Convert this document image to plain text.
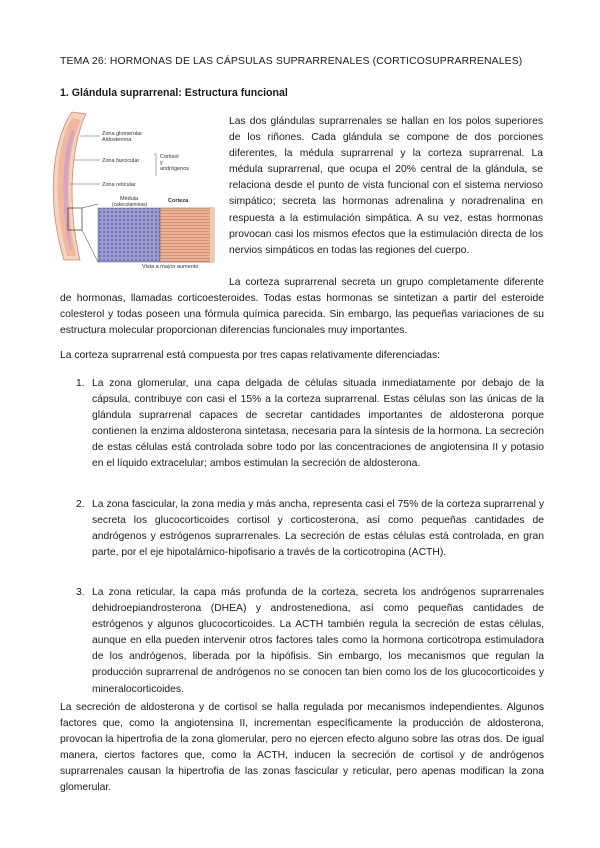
TEMA 26: HORMONAS DE LAS CÁPSULAS SUPRARRENALES (CORTICOSUPRARRENALES)
1. Glándula suprarrenal: Estructura funcional
Zona glomerular
Aldosterona
Zona fascicular
Cortisol
y
andrógenos
Zona reticular
Médula
(catecolaminas)
Corteza
Vista a mayor aumento

Las dos glándulas suprarrenales se hallan en los polos superiores de los riñones. Cada glándula se compone de dos porciones diferentes, la médula suprarrenal y la corteza suprarrenal. La médula suprarrenal, que ocupa el 20% central de la glándula, se relaciona desde el punto de vista funcional con el sistema nervioso simpático; secreta las hormonas adrenalina y noradrenalina en respuesta a la estimulación simpática. A su vez, estas hormonas provocan casi los mismos efectos que la estimulación directa de los nervios simpáticos en todas las regiones del cuerpo.

La corteza suprarrenal secreta un grupo completamente diferente de hormonas, llamadas corticoesteroides. Todas estas hormonas se sintetizan a partir del esteroide colesterol y todas poseen una fórmula química parecida. Sin embargo, las pequeñas variaciones de su estructura molecular proporcionan diferencias funcionales muy importantes.

La corteza suprarrenal está compuesta por tres capas relativamente diferenciadas:

1. La zona glomerular, una capa delgada de células situada inmediatamente por debajo de la cápsula, contribuye con casi el 15% a la corteza suprarrenal. Estas células son las únicas de la glándula suprarrenal capaces de secretar cantidades importantes de aldosterona porque contienen la enzima aldosterona sintetasa, necesaria para la síntesis de la hormona. La secreción de estas células está controlada sobre todo por las concentraciones de angiotensina II y potasio en el líquido extracelular; ambos estimulan la secreción de aldosterona.

2. La zona fascicular, la zona media y más ancha, representa casi el 75% de la corteza suprarrenal y secreta los glucocorticoides cortisol y corticosterona, así como pequeñas cantidades de andrógenos y estrógenos suprarrenales. La secreción de estas células está controlada, en gran parte, por el eje hipotalámico-hipofisario a través de la corticotropina (ACTH).

3. La zona reticular, la capa más profunda de la corteza, secreta los andrógenos suprarrenales dehidroepiandrosterona (DHEA) y androstenediona, así como pequeñas cantidades de estrógenos y algunos glucocorticoides. La ACTH también regula la secreción de estas células, aunque en ella pueden intervenir otros factores tales como la hormona corticotropa estimuladora de los andrógenos, liberada por la hipófisis. Sin embargo, los mecanismos que regulan la producción suprarrenal de andrógenos no se conocen tan bien como los de los glucocorticoides y mineralocorticoides.

La secreción de aldosterona y de cortisol se halla regulada por mecanismos independientes. Algunos factores que, como la angiotensina II, incrementan específicamente la producción de aldosterona, provocan la hipertrofia de la zona glomerular, pero no ejercen efecto alguno sobre las otras dos. De igual manera, ciertos factores que, como la ACTH, inducen la secreción de cortisol y de andrógenos suprarrenales causan la hipertrofia de las zonas fascicular y reticular, pero apenas modifican la zona glomerular.
